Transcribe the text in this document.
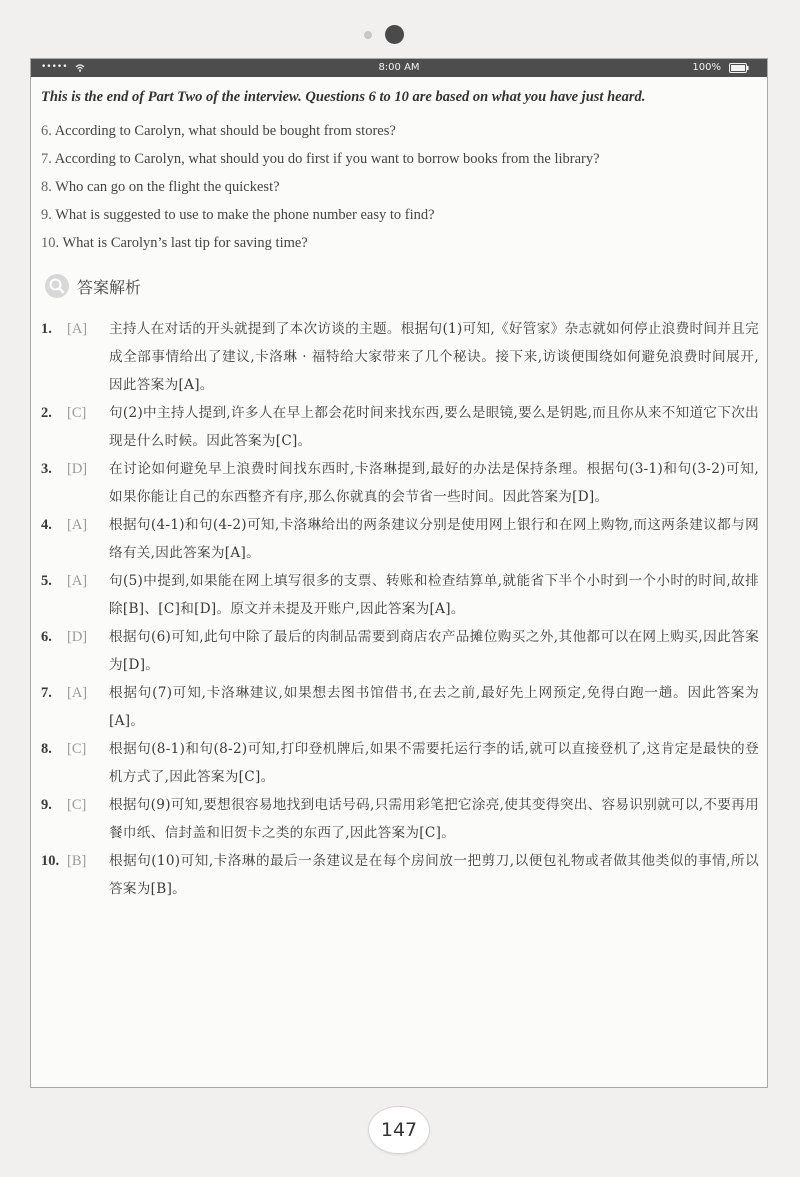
•••••	8:00 AM	100%
This is the end of Part Two of the interview. Questions 6 to 10 are based on what you have just heard.
6. According to Carolyn, what should be bought from stores?
7. According to Carolyn, what should you do first if you want to borrow books from the library?
8. Who can go on the flight the quickest?
9. What is suggested to use to make the phone number easy to find?
10. What is Carolyn’s last tip for saving time?
答案解析
1.	[A]	主持人在对话的开头就提到了本次访谈的主题。根据句(1)可知,《好管家》杂志就如何停止浪费时间并且完成全部事情给出了建议,卡洛琳 · 福特给大家带来了几个秘诀。接下来,访谈便围绕如何避免浪费时间展开,因此答案为[A]。
2.	[C]	句(2)中主持人提到,许多人在早上都会花时间来找东西,要么是眼镜,要么是钥匙,而且你从来不知道它下次出现是什么时候。因此答案为[C]。
3.	[D]	在讨论如何避免早上浪费时间找东西时,卡洛琳提到,最好的办法是保持条理。根据句(3-1)和句(3-2)可知,如果你能让自己的东西整齐有序,那么你就真的会节省一些时间。因此答案为[D]。
4.	[A]	根据句(4-1)和句(4-2)可知,卡洛琳给出的两条建议分别是使用网上银行和在网上购物,而这两条建议都与网络有关,因此答案为[A]。
5.	[A]	句(5)中提到,如果能在网上填写很多的支票、转账和检查结算单,就能省下半个小时到一个小时的时间,故排除[B]、[C]和[D]。原文并未提及开账户,因此答案为[A]。
6.	[D]	根据句(6)可知,此句中除了最后的肉制品需要到商店农产品摊位购买之外,其他都可以在网上购买,因此答案为[D]。
7.	[A]	根据句(7)可知,卡洛琳建议,如果想去图书馆借书,在去之前,最好先上网预定,免得白跑一趟。因此答案为[A]。
8.	[C]	根据句(8-1)和句(8-2)可知,打印登机牌后,如果不需要托运行李的话,就可以直接登机了,这肯定是最快的登机方式了,因此答案为[C]。
9.	[C]	根据句(9)可知,要想很容易地找到电话号码,只需用彩笔把它涂亮,使其变得突出、容易识别就可以,不要再用餐巾纸、信封盖和旧贺卡之类的东西了,因此答案为[C]。
10. [B]	根据句(10)可知,卡洛琳的最后一条建议是在每个房间放一把剪刀,以便包礼物或者做其他类似的事情,所以答案为[B]。
147
